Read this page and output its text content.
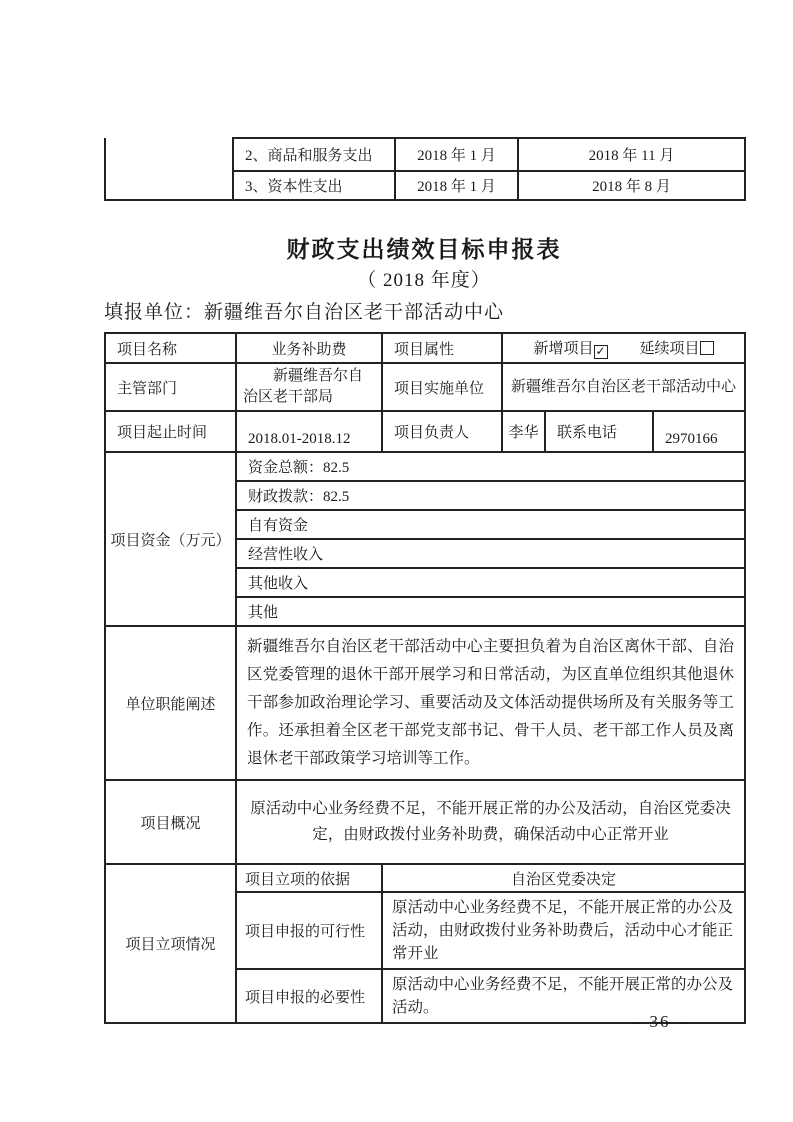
	2、商品和服务支出	2018 年 1 月	2018 年 11 月
	3、资本性支出	2018 年 1 月	2018 年 8 月
财政支出绩效目标申报表
（ 2018 年度）
填报单位：新疆维吾尔自治区老干部活动中心
项目名称	业务补助费	项目属性	新增项目 ✓ 延续项目		
主管部门	新疆维吾尔自治区老干部局	项目实施单位	新疆维吾尔自治区老干部活动中心		
项目起止时间	2018.01-2018.12	项目负责人	李华	联系电话	2970166
项目资金（万元）	资金总额：82.5				
	财政拨款：82.5				
	自有资金				
	经营性收入				
	其他收入				
	其他				
单位职能阐述	新疆维吾尔自治区老干部活动中心主要担负着为自治区离休干部、自治区党委管理的退休干部开展学习和日常活动，为区直单位组织其他退休干部参加政治理论学习、重要活动及文体活动提供场所及有关服务等工作。还承担着全区老干部党支部书记、骨干人员、老干部工作人员及离退休老干部政策学习培训等工作。				
项目概况	原活动中心业务经费不足，不能开展正常的办公及活动，自治区党委决定，由财政拨付业务补助费，确保活动中心正常开业				
项目立项情况	项目立项的依据	自治区党委决定			
	项目申报的可行性	原活动中心业务经费不足，不能开展正常的办公及活动，由财政拨付业务补助费后，活动中心才能正常开业			
	项目申报的必要性	原活动中心业务经费不足，不能开展正常的办公及活动。			
– 36 –
